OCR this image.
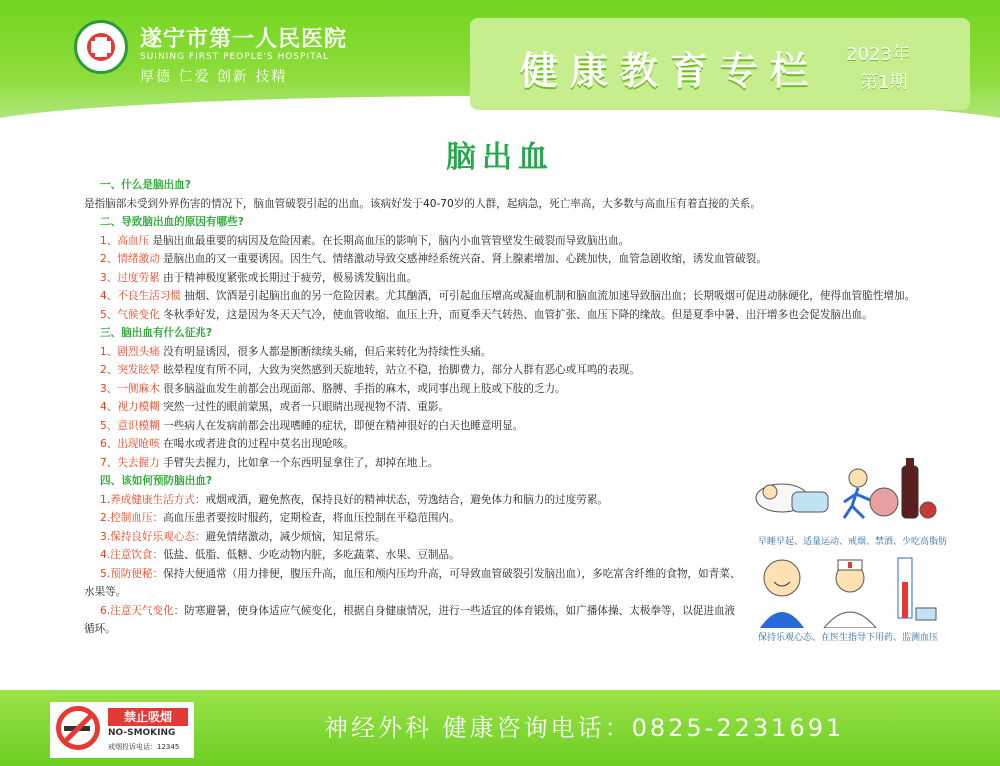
遂宁市第一人民医院
SUINING FIRST PEOPLE'S HOSPITAL
厚德 仁爱 创新 技精	健康教育专栏 2023年
第1期
脑出血
一、什么是脑出血?
是指脑部未受到外界伤害的情况下，脑血管破裂引起的出血。该病好发于40-70岁的人群，起病急，死亡率高，大多数与高血压有着直接的关系。
二、导致脑出血的原因有哪些?
1、高血压 是脑出血最重要的病因及危险因素。在长期高血压的影响下，脑内小血管管壁发生破裂而导致脑出血。
2、情绪激动 是脑出血的又一重要诱因。因生气、情绪激动导致交感神经系统兴奋、肾上腺素增加、心跳加快，血管急剧收缩，诱发血管破裂。
3、过度劳累 由于精神极度紧张或长期过于疲劳，极易诱发脑出血。
4、不良生活习惯 抽烟、饮酒是引起脑出血的另一危险因素。尤其酗酒，可引起血压增高或凝血机制和脑血流加速导致脑出血；长期吸烟可促进动脉硬化，使得血管脆性增加。
5、气候变化 冬秋季好发，这是因为冬天天气冷，使血管收缩、血压上升，而夏季天气转热、血管扩张、血压下降的缘故。但是夏季中暑、出汗增多也会促发脑出血。
三、脑出血有什么征兆?
1、剧烈头痛 没有明显诱因，很多人都是断断续续头痛，但后来转化为持续性头痛。
2、突发眩晕 眩晕程度有所不同，大致为突然感到天旋地转，站立不稳，抬脚费力，部分人群有恶心或耳鸣的表现。
3、一侧麻木 很多脑溢血发生前都会出现面部、胳膊、手指的麻木，或同事出现上肢或下肢的乏力。
4、视力模糊 突然一过性的眼前蒙黑，或者一只眼睛出现视物不清、重影。
5、意识模糊 一些病人在发病前都会出现嗜睡的症状，即便在精神很好的白天也睡意明显。
6、出现呛咳 在喝水或者进食的过程中莫名出现呛咳。
7、失去握力 手臂失去握力，比如拿一个东西明显拿住了，却掉在地上。
四、该如何预防脑出血?
1.养成健康生活方式：戒烟戒酒，避免熬夜，保持良好的精神状态，劳逸结合，避免体力和脑力的过度劳累。
2.控制血压：高血压患者要按时服药，定期检查，将血压控制在平稳范围内。
3.保持良好乐观心态：避免情绪激动，减少烦恼，知足常乐。
4.注意饮食：低盐、低脂、低糖、少吃动物内脏，多吃蔬菜、水果、豆制品。
5.预防便秘：保持大便通常（用力排便，腹压升高，血压和颅内压均升高，可导致血管破裂引发脑出血），多吃富含纤维的食物，如青菜、水果等。
6.注意天气变化：防寒避暑，使身体适应气候变化，根据自身健康情况，进行一些适宜的体育锻炼，如广播体操、太极拳等，以促进血液循环。
早睡早起、适量运动、戒烟、禁酒、少吃高脂肪
保持乐观心态、在医生指导下用药、监测血压
禁止吸烟
NO-SMOKING
戒烟投诉电话：12345
神经外科 健康咨询电话：0825-2231691
